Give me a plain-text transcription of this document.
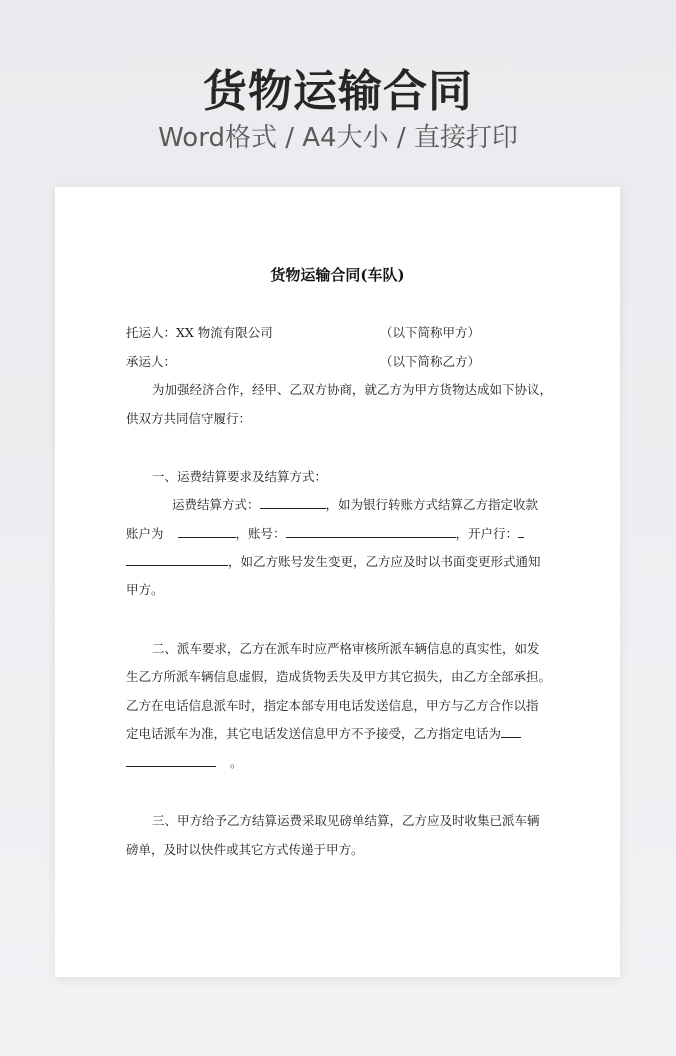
货物运输合同
Word格式 / A4大小 / 直接打印
货物运输合同(车队)
托运人：XX 物流有限公司	（以下简称甲方）
承运人：	（以下简称乙方）
为加强经济合作，经甲、乙双方协商，就乙方为甲方货物达成如下协议，
供双方共同信守履行：
一、运费结算要求及结算方式：
运费结算方式：	，如为银行转账方式结算乙方指定收款
账户为	，账号：	，开户行：
，如乙方账号发生变更，乙方应及时以书面变更形式通知
甲方。
二、派车要求，乙方在派车时应严格审核所派车辆信息的真实性，如发
生乙方所派车辆信息虚假，造成货物丢失及甲方其它损失，由乙方全部承担。
乙方在电话信息派车时，指定本部专用电话发送信息，甲方与乙方合作以指
定电话派车为准，其它电话发送信息甲方不予接受，乙方指定电话为
。
三、甲方给予乙方结算运费采取见磅单结算，乙方应及时收集已派车辆
磅单，及时以快件或其它方式传递于甲方。
